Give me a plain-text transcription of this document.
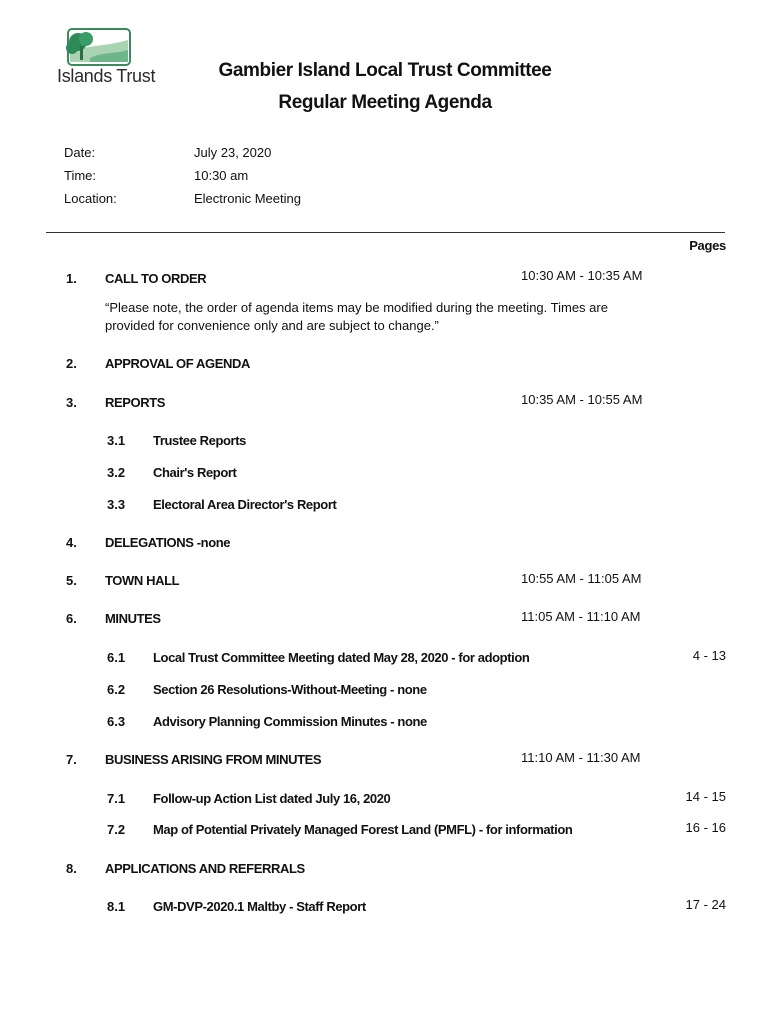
Islands Trust	Gambier Island Local Trust Committee
Regular Meeting Agenda
Date:	July 23, 2020
Time:	10:30 am
Location:	Electronic Meeting
Pages
1. CALL TO ORDER	10:30 AM - 10:35 AM
“Please note, the order of agenda items may be modified during the meeting. Times are provided for convenience only and are subject to change.”
2. APPROVAL OF AGENDA
3. REPORTS	10:35 AM - 10:55 AM
3.1 Trustee Reports
3.2 Chair's Report
3.3 Electoral Area Director's Report
4. DELEGATIONS -none
5. TOWN HALL	10:55 AM - 11:05 AM
6. MINUTES	11:05 AM - 11:10 AM
6.1 Local Trust Committee Meeting dated May 28, 2020 - for adoption	4 - 13
6.2 Section 26 Resolutions-Without-Meeting - none
6.3 Advisory Planning Commission Minutes - none
7. BUSINESS ARISING FROM MINUTES	11:10 AM - 11:30 AM
7.1 Follow-up Action List dated July 16, 2020	14 - 15
7.2 Map of Potential Privately Managed Forest Land (PMFL) - for information	16 - 16
8. APPLICATIONS AND REFERRALS
8.1 GM-DVP-2020.1 Maltby - Staff Report	17 - 24
